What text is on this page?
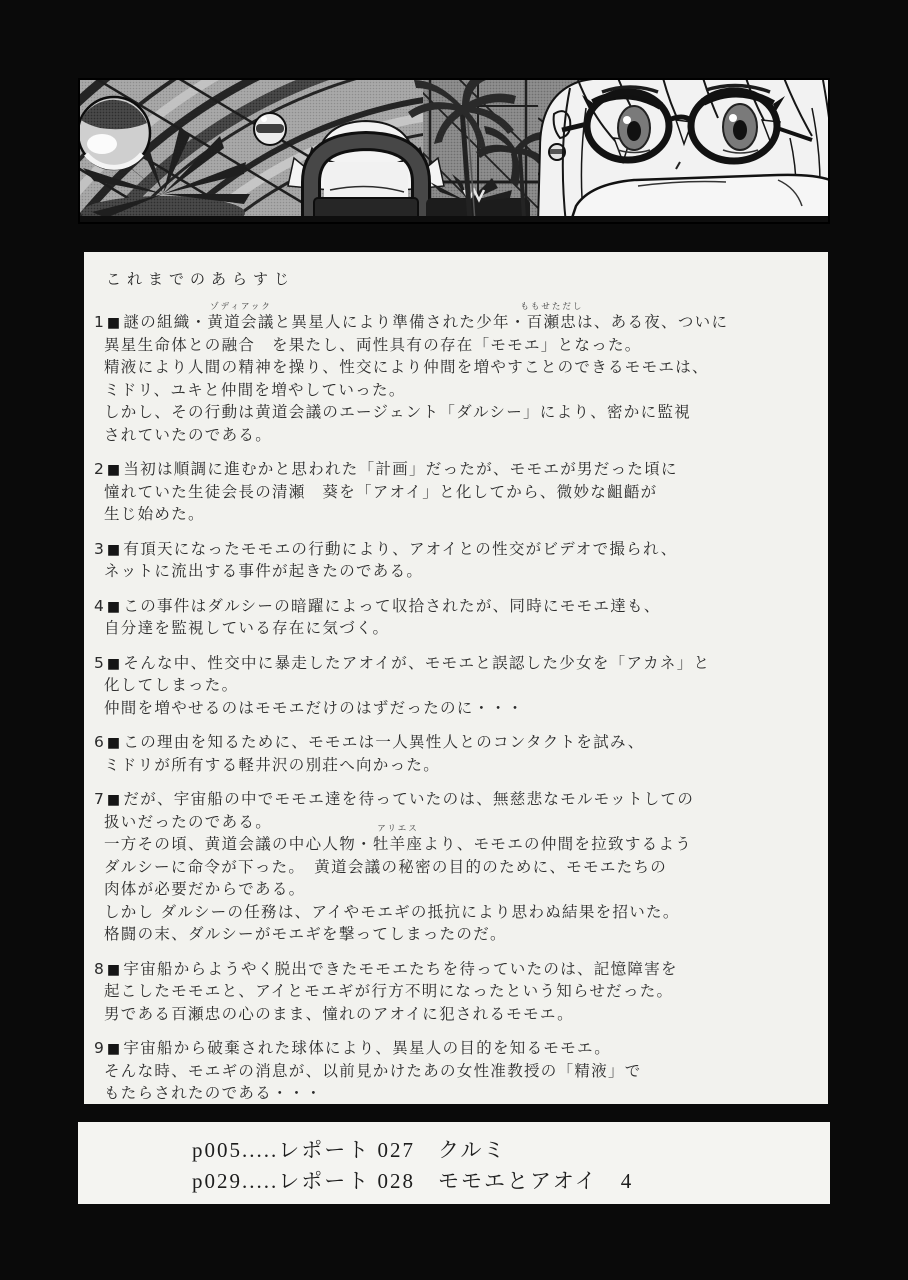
これまでのあらすじ
1 ■ 謎の組織・黄道会議
ゾディアック
と異星人により準備された少年・百瀬忠
ももせただし
は、ある夜、ついに
異星生命体との融合　を果たし、両性具有の存在「モモエ」となった。
精液により人間の精神を操り、性交により仲間を増やすことのできるモモエは、
ミドリ、ユキと仲間を増やしていった。
しかし、その行動は黄道会議のエージェント「ダルシー」により、密かに監視
されていたのである。
2 ■ 当初は順調に進むかと思われた「計画」だったが、モモエが男だった頃に
憧れていた生徒会長の清瀬　葵を「アオイ」と化してから、微妙な齟齬が
生じ始めた。
3 ■ 有頂天になったモモエの行動により、アオイとの性交がビデオで撮られ、
ネットに流出する事件が起きたのである。
4 ■ この事件はダルシーの暗躍によって収拾されたが、同時にモモエ達も、
自分達を監視している存在に気づく。
5 ■ そんな中、性交中に暴走したアオイが、モモエと誤認した少女を「アカネ」と
化してしまった。
仲間を増やせるのはモモエだけのはずだったのに・・・
6 ■ この理由を知るために、モモエは一人異性人とのコンタクトを試み、
ミドリが所有する軽井沢の別荘へ向かった。
7 ■ だが、宇宙船の中でモモエ達を待っていたのは、無慈悲なモルモットしての
扱いだったのである。
一方その頃、黄道会議の中心人物・牡羊座
アリエス
より、モモエの仲間を拉致するよう
ダルシーに命令が下った。　黄道会議の秘密の目的のために、モモエたちの
肉体が必要だからである。
しかし ダルシーの任務は、アイやモエギの抵抗により思わぬ結果を招いた。
格闘の末、ダルシーがモエギを撃ってしまったのだ。
8 ■ 宇宙船からようやく脱出できたモモエたちを待っていたのは、記憶障害を
起こしたモモエと、アイとモエギが行方不明になったという知らせだった。
男である百瀬忠の心のまま、憧れのアオイに犯されるモモエ。
9 ■ 宇宙船から破棄された球体により、異星人の目的を知るモモエ。
そんな時、モエギの消息が、以前見かけたあの女性准教授の「精液」で
もたらされたのである・・・
p005.....レポート 027　クルミ
p029.....レポート 028　モモエとアオイ　4
